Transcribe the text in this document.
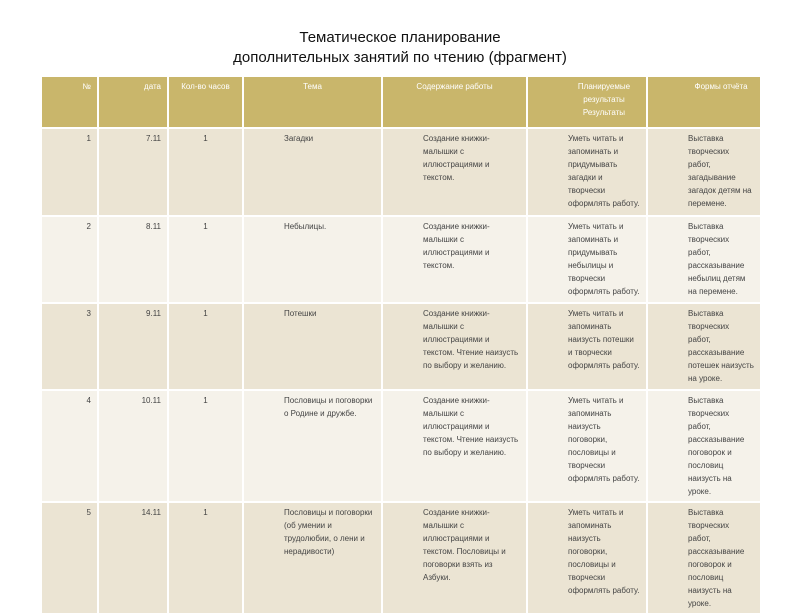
Тематическое планирование
дополнительных занятий по чтению (фрагмент)
№	дата	Кол-во часов	Тема	Содержание работы	Планируемые результаты Результаты	Формы отчёта
1	7.11	1	Загадки	Создание книжки-малышки с иллюстрациями и текстом.	Уметь читать и запоминать и придумывать загадки и творчески оформлять работу.	Выставка творческих работ, загадывание загадок детям на перемене.
2	8.11	1	Небылицы.	Создание книжки-малышки с иллюстрациями и текстом.	Уметь читать и запоминать и придумывать небылицы и творчески оформлять работу.	Выставка творческих работ, рассказывание небылиц детям на перемене.
3	9.11	1	Потешки	Создание книжки-малышки с иллюстрациями и текстом. Чтение наизусть по выбору и желанию.	Уметь читать и запоминать наизусть потешки и творчески оформлять работу.	Выставка творческих работ, рассказывание потешек наизусть на уроке.
4	10.11	1	Пословицы и поговорки о Родине и дружбе.	Создание книжки-малышки с иллюстрациями и текстом. Чтение наизусть по выбору и желанию.	Уметь читать и запоминать наизусть поговорки, пословицы и творчески оформлять работу.	Выставка творческих работ, рассказывание поговорок и пословиц наизусть на уроке.
5	14.11	1	Пословицы и поговорки (об умении и трудолюбии, о лени и нерадивости)	Создание книжки-малышки с иллюстрациями и текстом. Пословицы и поговорки взять из Азбуки.	Уметь читать и запоминать наизусть поговорки, пословицы и творчески оформлять работу.	Выставка творческих работ, рассказывание поговорок и пословиц наизусть на уроке.
